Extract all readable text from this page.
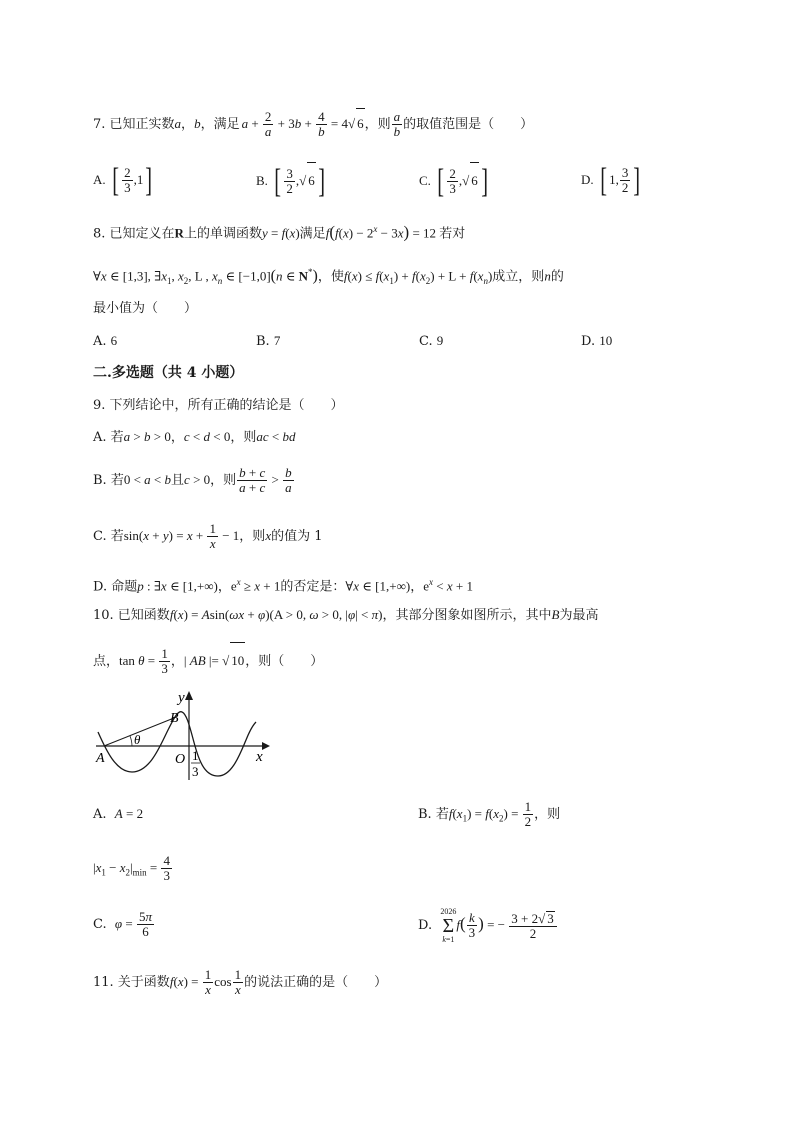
7. 已知正实数a，b，满足 $a + \frac{2}{a} + 3b + \frac{4}{b} = 4√$ 6，则 $\frac{a}{b}$ 的取值范围是（　　）
A. [ $\frac{2}{3} ,1$]	B. [ $\frac{3}{2}$ ,√ 6]	C. [ $\frac{2}{3}$ ,√ 6]	D. [ 1, $\frac{3}{2}$ ]
8. 已知定义在R上的单调函数y = f(x)满足$f(f(x) - 2^x - 3x) = 12$ 若对
∀x ∈ [1,3], $\exists x_1$, $x_2$, L , $x_n$ ∈ [−1,0](n ∈ N*)，使$f(x) \le f(x_1) + f(x_2) + L + f(x_n)$成立，则n的
最小值为（　　）
A. 6	B. 7	C. 9	D. 10
二.多选题（共 4 小题）
9. 下列结论中，所有正确的结论是（　　）
A. 若a > b > 0，c < d < 0，则ac < bd
B. 若0 < a < b且c > 0，则 $\frac{b + c}{a + c} > \frac{b}{a}$
C. 若$\sin(x + y) = x + \frac{1}{x} - 1$，则x的值为 1
D. 命题p : ∃x ∈ [1,+∞)，$e^x \ge x + 1$的否定是：∀x ∈ [1,+∞)，$e^x < x + 1$
10. 已知函数f(x) = Asin(ωx + φ)(A > 0, ω > 0, |φ| < π)，其部分图象如图所示，其中B为最高
点，$\tan \theta = \frac{1}{3}$ ，| AB |= √ 10，则（　　）
y
x
A
B
O
θ
1
3
A. A = 2	B. 若$f(x_1) = f(x_2) = \frac{1}{2}$ ，则
$|x_1 - x_2|_{min} = \frac{4}{3}$
C. $\varphi = \frac{5\pi}{6}$	D.
2026
Σ
k=1
$f( \frac{k}{3}$ ) = − $\frac{3 + 2√ 3}{2}$
11. 关于函数$f(x) = \frac{1}{x}$ $\cos \frac{1}{x}$ 的说法正确的是（　　）
